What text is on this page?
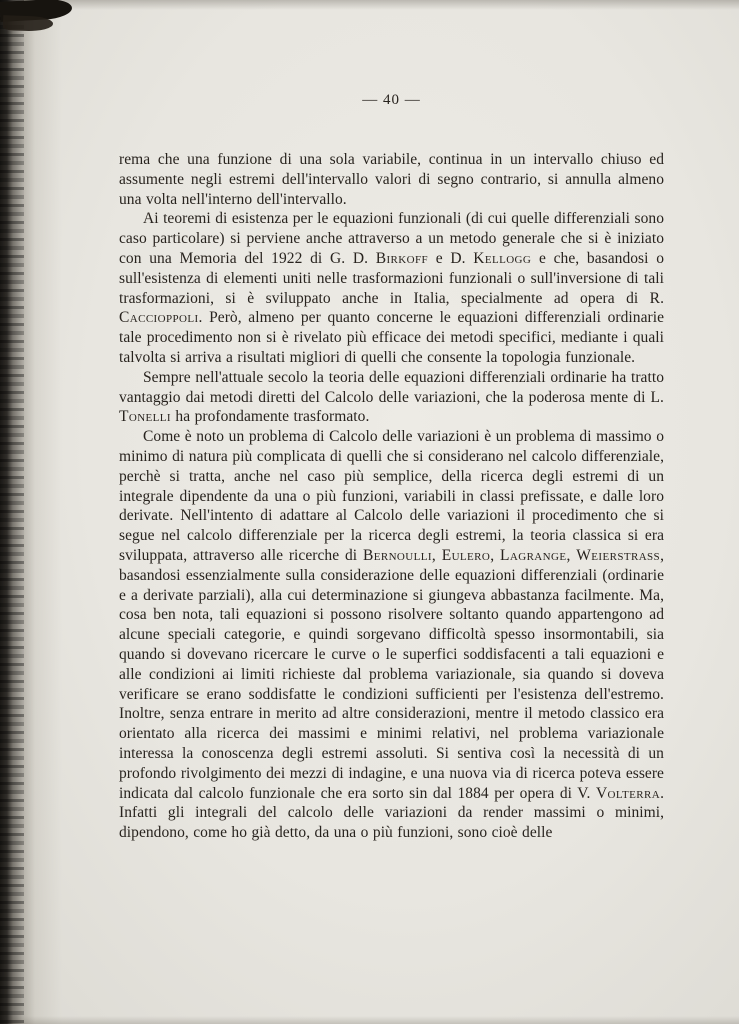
— 40 —

rema che una funzione di una sola variabile, continua in un intervallo chiuso ed assumente negli estremi dell'intervallo valori di segno contrario, si annulla almeno una volta nell'interno dell'intervallo.

Ai teoremi di esistenza per le equazioni funzionali (di cui quelle differenziali sono caso particolare) si perviene anche attraverso a un metodo generale che si è iniziato con una Memoria del 1922 di G. D. Birkoff e D. Kellogg e che, basandosi o sull'esistenza di elementi uniti nelle trasformazioni funzionali o sull'inversione di tali trasformazioni, si è sviluppato anche in Italia, specialmente ad opera di R. Caccioppoli. Però, almeno per quanto concerne le equazioni differenziali ordinarie tale procedimento non si è rivelato più efficace dei metodi specifici, mediante i quali talvolta si arriva a risultati migliori di quelli che consente la topologia funzionale.

Sempre nell'attuale secolo la teoria delle equazioni differenziali ordinarie ha tratto vantaggio dai metodi diretti del Calcolo delle variazioni, che la poderosa mente di L. Tonelli ha profondamente trasformato.

Come è noto un problema di Calcolo delle variazioni è un problema di massimo o minimo di natura più complicata di quelli che si considerano nel calcolo differenziale, perchè si tratta, anche nel caso più semplice, della ricerca degli estremi di un integrale dipendente da una o più funzioni, variabili in classi prefissate, e dalle loro derivate. Nell'intento di adattare al Calcolo delle variazioni il procedimento che si segue nel calcolo differenziale per la ricerca degli estremi, la teoria classica si era sviluppata, attraverso alle ricerche di Bernoulli, Eulero, Lagrange, Weierstrass, basandosi essenzialmente sulla considerazione delle equazioni differenziali (ordinarie e a derivate parziali), alla cui determinazione si giungeva abbastanza facilmente. Ma, cosa ben nota, tali equazioni si possono risolvere soltanto quando appartengono ad alcune speciali categorie, e quindi sorgevano difficoltà spesso insormontabili, sia quando si dovevano ricercare le curve o le superfici soddisfacenti a tali equazioni e alle condizioni ai limiti richieste dal problema variazionale, sia quando si doveva verificare se erano soddisfatte le condizioni sufficienti per l'esistenza dell'estremo. Inoltre, senza entrare in merito ad altre considerazioni, mentre il metodo classico era orientato alla ricerca dei massimi e minimi relativi, nel problema variazionale interessa la conoscenza degli estremi assoluti. Si sentiva così la necessità di un profondo rivolgimento dei mezzi di indagine, e una nuova via di ricerca poteva essere indicata dal calcolo funzionale che era sorto sin dal 1884 per opera di V. Volterra. Infatti gli integrali del calcolo delle variazioni da render massimi o minimi, dipendono, come ho già detto, da una o più funzioni, sono cioè delle
